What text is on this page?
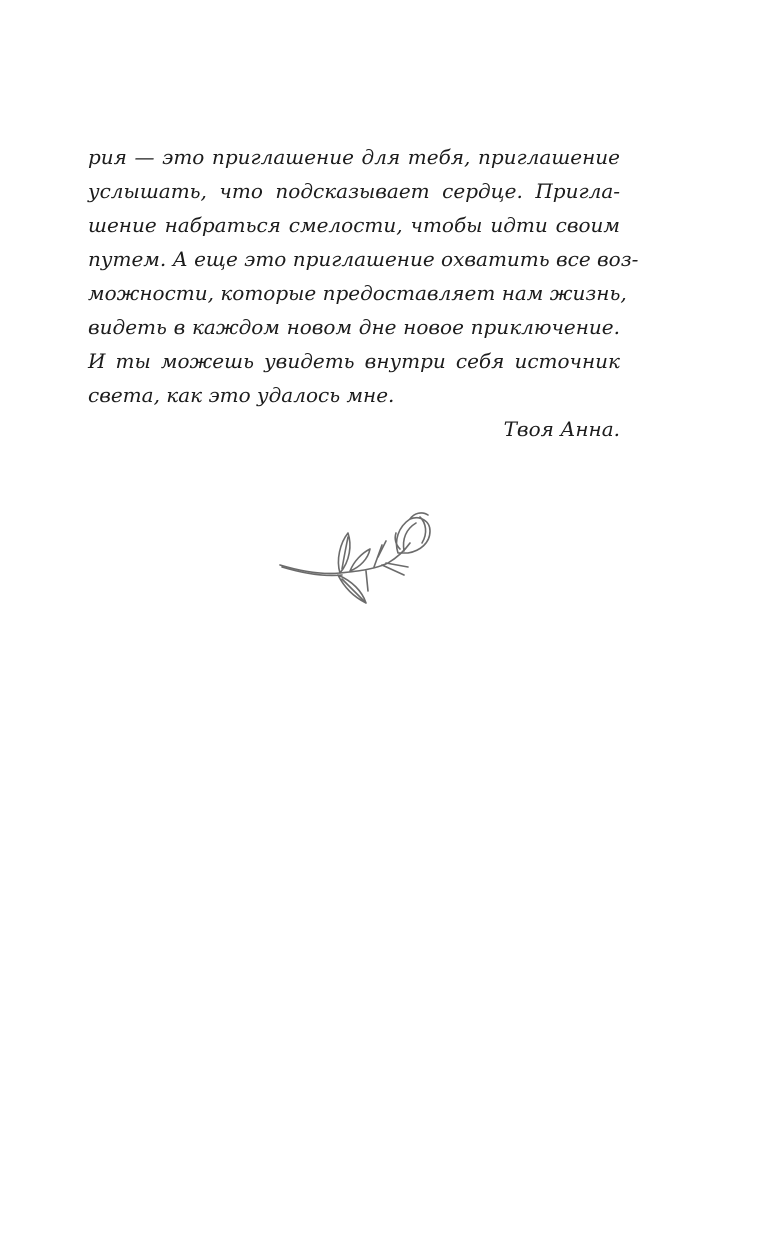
рия — это приглашение для тебя, приглашение
услышать, что подсказывает сердце. Пригла-
шение набраться смелости, чтобы идти своим
путем. А еще это приглашение охватить все воз-
можности, которые предоставляет нам жизнь,
видеть в каждом новом дне новое приключение.
И ты можешь увидеть внутри себя источник
света, как это удалось мне.
Твоя Анна.
